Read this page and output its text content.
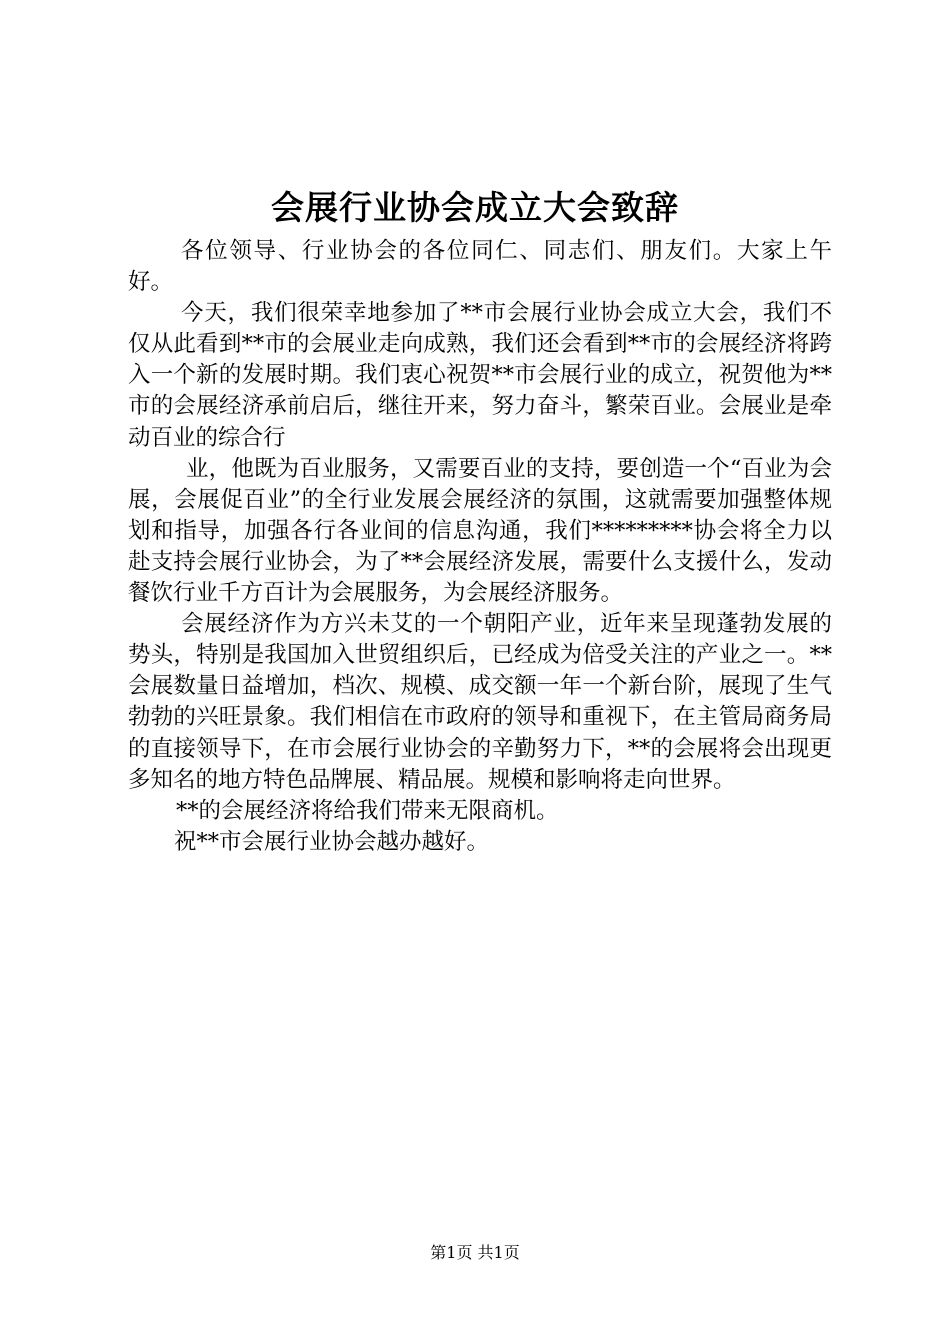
会展行业协会成立大会致辞

各位领导、行业协会的各位同仁、同志们、朋友们。大家上午好。

今天，我们很荣幸地参加了**市会展行业协会成立大会，我们不仅从此看到**市的会展业走向成熟，我们还会看到**市的会展经济将跨入一个新的发展时期。我们衷心祝贺**市会展行业的成立，祝贺他为**市的会展经济承前启后，继往开来，努力奋斗，繁荣百业。会展业是牵动百业的综合行

业，他既为百业服务，又需要百业的支持，要创造一个“百业为会展，会展促百业”的全行业发展会展经济的氛围，这就需要加强整体规划和指导，加强各行各业间的信息沟通，我们*********协会将全力以赴支持会展行业协会，为了**会展经济发展，需要什么支援什么，发动餐饮行业千方百计为会展服务，为会展经济服务。

会展经济作为方兴未艾的一个朝阳产业，近年来呈现蓬勃发展的势头，特别是我国加入世贸组织后，已经成为倍受关注的产业之一。**会展数量日益增加，档次、规模、成交额一年一个新台阶，展现了生气勃勃的兴旺景象。我们相信在市政府的领导和重视下，在主管局商务局的直接领导下，在市会展行业协会的辛勤努力下，**的会展将会出现更多知名的地方特色品牌展、精品展。规模和影响将走向世界。

**的会展经济将给我们带来无限商机。

祝**市会展行业协会越办越好。

第1页 共1页
